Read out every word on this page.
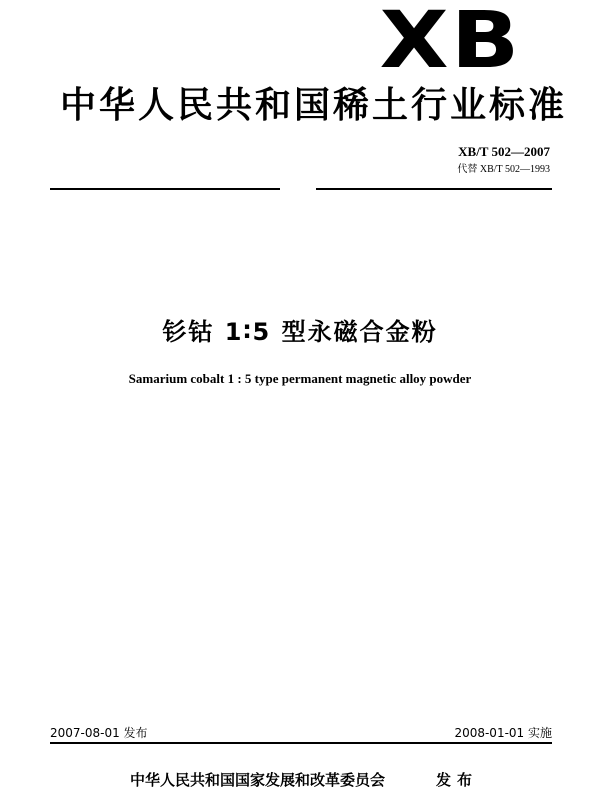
XB
中华人民共和国稀土行业标准
XB/T 502—2007
代替 XB/T 502—1993
钐钴 1∶5 型永磁合金粉
Samarium cobalt 1 : 5 type permanent magnetic alloy powder
2007-08-01 发布	2008-01-01 实施
中华人民共和国国家发展和改革委员会	发布
